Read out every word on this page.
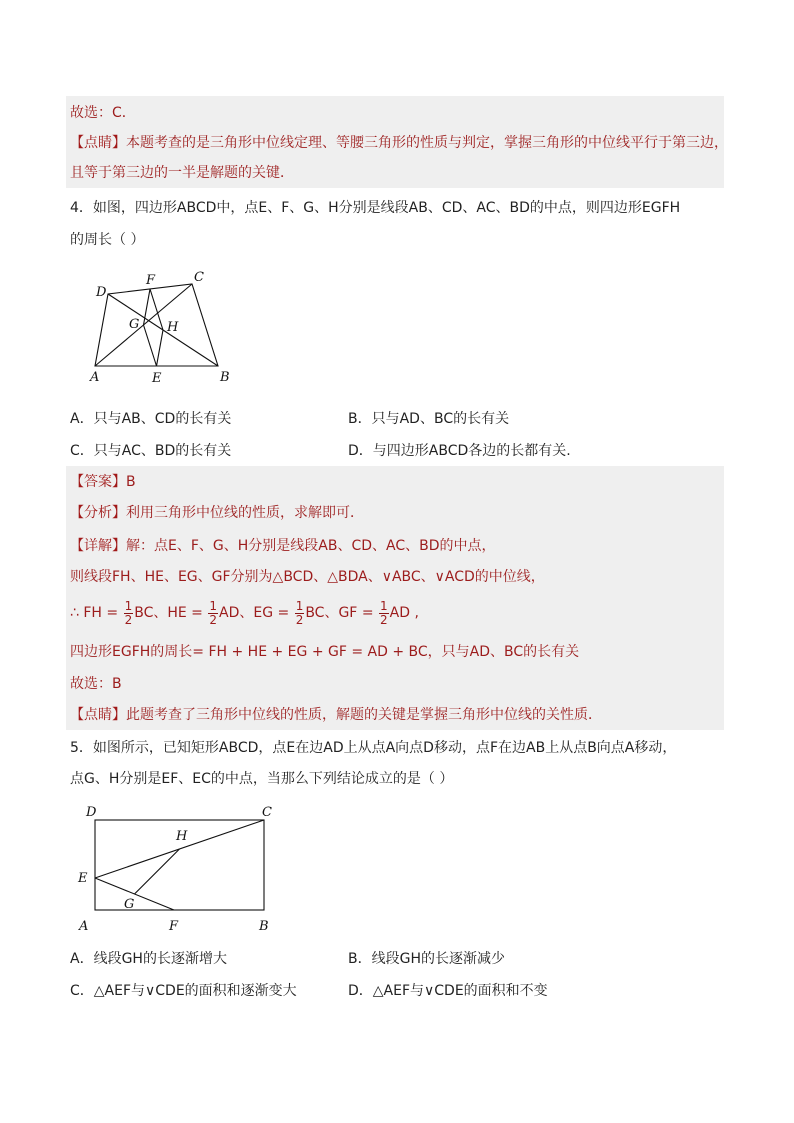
故选：C．
【点睛】本题考查的是三角形中位线定理、等腰三角形的性质与判定，掌握三角形的中位线平行于第三边，
且等于第三边的一半是解题的关键．
4．如图，四边形ABCD中，点E、F、G、H分别是线段AB、CD、AC、BD的中点，则四边形EGFH
的周长（ ）
A	B
C
D
E
F
G H
A．只与AB、CD的长有关	B．只与AD、BC的长有关
C．只与AC、BD的长有关	D．与四边形ABCD各边的长都有关.
【答案】B
【分析】利用三角形中位线的性质，求解即可．
【详解】解：点E、F、G、H分别是线段AB、CD、AC、BD的中点，
则线段FH、HE、EG、GF分别为△BCD、△BDA、∨ABC、∨ACD的中位线，
∴ FH = $\frac{1}{2}$ BC、HE = $\frac{1}{2}$ AD、EG = $\frac{1}{2}$ BC、GF = $\frac{1}{2}$ AD ,
四边形EGFH的周长= FH + HE + EG + GF = AD + BC，只与AD、BC的长有关
故选：B
【点睛】此题考查了三角形中位线的性质，解题的关键是掌握三角形中位线的关性质．
5．如图所示，已知矩形ABCD，点E在边AD上从点A向点D移动，点F在边AB上从点B向点A移动，
点G、H分别是EF、EC的中点，当那么下列结论成立的是（ ）
D	C
B
A
E
F
G
H
A．线段GH的长逐渐增大	B．线段GH的长逐渐减少
C．△AEF与∨CDE的面积和逐渐变大	D．△AEF与∨CDE的面积和不变
